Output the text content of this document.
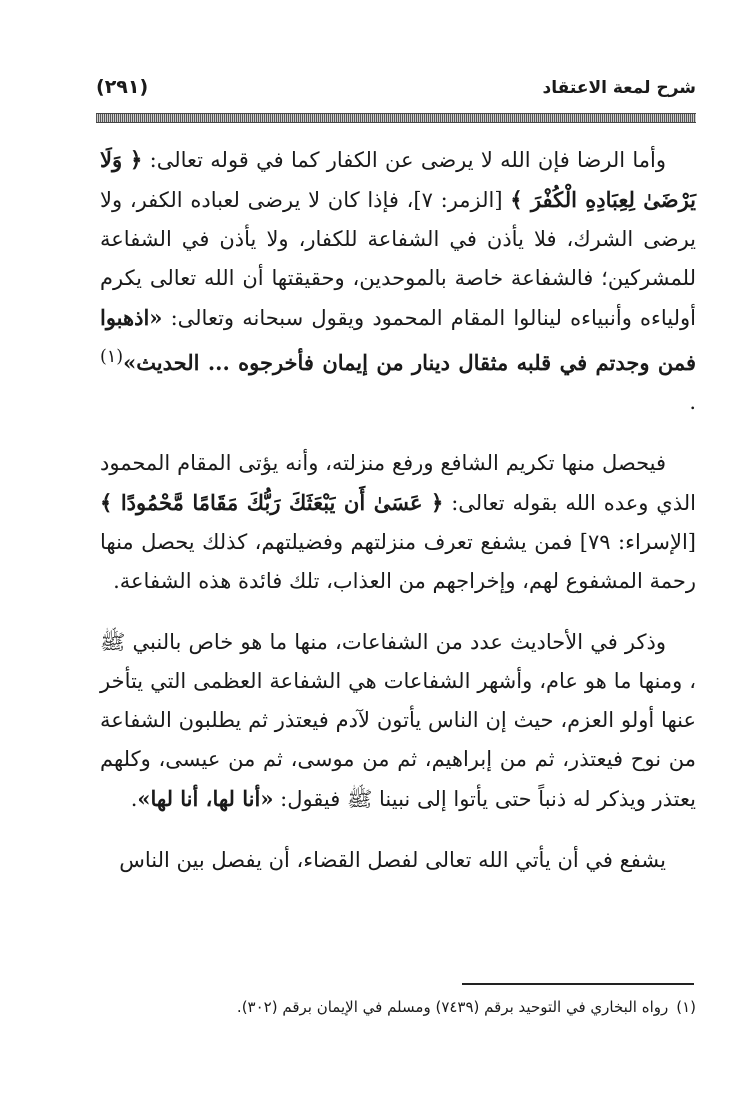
شرح لمعة الاعتقاد
(٢٩١)

وأما الرضا فإن الله لا يرضى عن الكفار كما في قوله تعالى: ﴿ وَلَا يَرْضَىٰ لِعِبَادِهِ الْكُفْرَ ﴾ [الزمر: ٧]، فإذا كان لا يرضى لعباده الكفر، ولا يرضى الشرك، فلا يأذن في الشفاعة للكفار، ولا يأذن في الشفاعة للمشركين؛ فالشفاعة خاصة بالموحدين، وحقيقتها أن الله تعالى يكرم أولياءه وأنبياءه لينالوا المقام المحمود ويقول سبحانه وتعالى: «اذهبوا فمن وجدتم في قلبه مثقال دينار من إيمان فأخرجوه ... الحديث»$^{(١)}$ .

فيحصل منها تكريم الشافع ورفع منزلته، وأنه يؤتى المقام المحمود الذي وعده الله بقوله تعالى: ﴿ عَسَىٰ أَن يَبْعَثَكَ رَبُّكَ مَقَامًا مَّحْمُودًا ﴾ [الإسراء: ٧٩] فمن يشفع تعرف منزلتهم وفضيلتهم، كذلك يحصل منها رحمة المشفوع لهم، وإخراجهم من العذاب، تلك فائدة هذه الشفاعة.

وذكر في الأحاديث عدد من الشفاعات، منها ما هو خاص بالنبي ﷺ ، ومنها ما هو عام، وأشهر الشفاعات هي الشفاعة العظمى التي يتأخر عنها أولو العزم، حيث إن الناس يأتون لآدم فيعتذر ثم يطلبون الشفاعة من نوح فيعتذر، ثم من إبراهيم، ثم من موسى، ثم من عيسى، وكلهم يعتذر ويذكر له ذنباً حتى يأتوا إلى نبينا ﷺ فيقول: «أنا لها، أنا لها».

يشفع في أن يأتي الله تعالى لفصل القضاء، أن يفصل بين الناس

(١)رواه البخاري في التوحيد برقم (٧٤٣٩) ومسلم في الإيمان برقم (٣٠٢).
